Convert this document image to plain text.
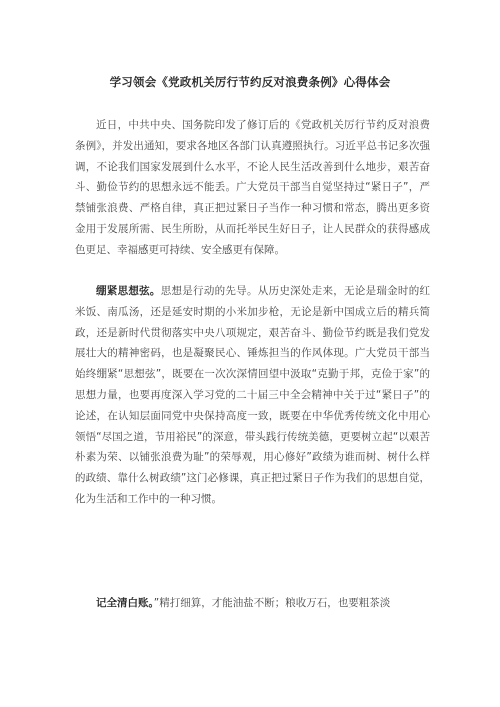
学习领会《党政机关厉行节约反对浪费条例》心得体会

近日，中共中央、国务院印发了修订后的《党政机关厉行节约反对浪费条例》，并发出通知，要求各地区各部门认真遵照执行。习近平总书记多次强调，不论我们国家发展到什么水平，不论人民生活改善到什么地步，艰苦奋斗、勤俭节约的思想永远不能丢。广大党员干部当自觉坚持过“紧日子”，严禁铺张浪费、严格自律，真正把过紧日子当作一种习惯和常态，腾出更多资金用于发展所需、民生所盼，从而托举民生好日子，让人民群众的获得感成色更足、幸福感更可持续、安全感更有保障。

绷紧思想弦。思想是行动的先导。从历史深处走来，无论是瑞金时的红米饭、南瓜汤，还是延安时期的小米加步枪，无论是新中国成立后的精兵简政，还是新时代贯彻落实中央八项规定，艰苦奋斗、勤俭节约既是我们党发展壮大的精神密码，也是凝聚民心、锤炼担当的作风体现。广大党员干部当始终绷紧“思想弦”，既要在一次次深情回望中汲取“克勤于邦，克俭于家”的思想力量，也要再度深入学习党的二十届三中全会精神中关于过“紧日子”的论述，在认知层面同党中央保持高度一致，既要在中华优秀传统文化中用心领悟“尽国之道，节用裕民”的深意，带头践行传统美德，更要树立起“以艰苦朴素为荣、以铺张浪费为耻”的荣辱观，用心修好”政绩为谁而树、树什么样的政绩、靠什么树政绩”这门必修课，真正把过紧日子作为我们的思想自觉，化为生活和工作中的一种习惯。

记全清白账。”精打细算，才能油盐不断；粮收万石，也要粗茶淡
